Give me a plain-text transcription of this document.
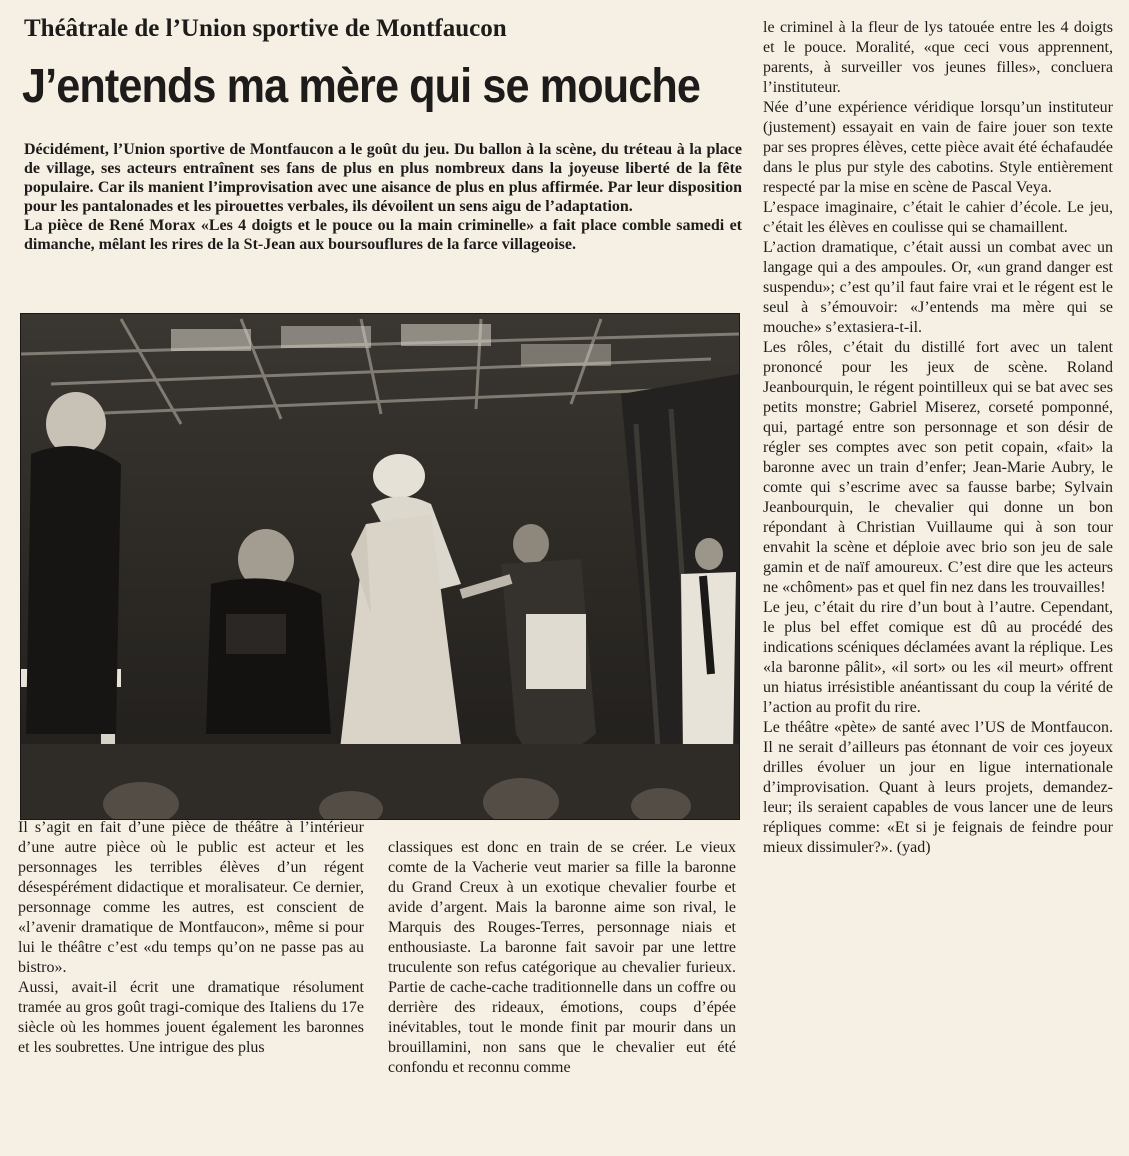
Théâtrale de l’Union sportive de Montfaucon
J’entends ma mère qui se mouche

Décidément, l’Union sportive de Montfaucon a le goût du jeu. Du ballon à la scène, du tréteau à la place de village, ses acteurs entraînent ses fans de plus en plus nombreux dans la joyeuse liberté de la fête populaire. Car ils manient l’improvisation avec une aisance de plus en plus affirmée. Par leur disposition pour les pantalonades et les pirouettes verbales, ils dévoilent un sens aigu de l’adaptation.

La pièce de René Morax «Les 4 doigts et le pouce ou la main criminelle» a fait place comble samedi et dimanche, mêlant les rires de la St-Jean aux boursouflures de la farce villageoise.

Il s’agit en fait d’une pièce de théâtre à l’intérieur d’une autre pièce où le public est acteur et les personnages les terribles élèves d’un régent désespérément didactique et moralisateur. Ce dernier, personnage comme les autres, est conscient de «l’avenir dramatique de Montfaucon», même si pour lui le théâtre c’est «du temps qu’on ne passe pas au bistro».

Aussi, avait-il écrit une dramatique résolument tramée au gros goût tragi-comique des Italiens du 17e siècle où les hommes jouent également les baronnes et les soubrettes. Une intrigue des plus

classiques est donc en train de se créer. Le vieux comte de la Vacherie veut marier sa fille la baronne du Grand Creux à un exotique chevalier fourbe et avide d’argent. Mais la baronne aime son rival, le Marquis des Rouges-Terres, personnage niais et enthousiaste. La baronne fait savoir par une lettre truculente son refus catégorique au chevalier furieux. Partie de cache-cache traditionnelle dans un coffre ou derrière des rideaux, émotions, coups d’épée inévitables, tout le monde finit par mourir dans un brouillamini, non sans que le chevalier eut été confondu et reconnu comme

le criminel à la fleur de lys tatouée entre les 4 doigts et le pouce. Moralité, «que ceci vous apprennent, parents, à surveiller vos jeunes filles», concluera l’instituteur.

Née d’une expérience véridique lorsqu’un instituteur (justement) essayait en vain de faire jouer son texte par ses propres élèves, cette pièce avait été échafaudée dans le plus pur style des cabotins. Style entièrement respecté par la mise en scène de Pascal Veya.

L’espace imaginaire, c’était le cahier d’école. Le jeu, c’était les élèves en coulisse qui se chamaillent.

L’action dramatique, c’était aussi un combat avec un langage qui a des ampoules. Or, «un grand danger est suspendu»; c’est qu’il faut faire vrai et le régent est le seul à s’émouvoir: «J’entends ma mère qui se mouche» s’extasiera-t-il.

Les rôles, c’était du distillé fort avec un talent prononcé pour les jeux de scène. Roland Jeanbourquin, le régent pointilleux qui se bat avec ses petits monstre; Gabriel Miserez, corseté pomponné, qui, partagé entre son personnage et son désir de régler ses comptes avec son petit copain, «fait» la baronne avec un train d’enfer; Jean-Marie Aubry, le comte qui s’escrime avec sa fausse barbe; Sylvain Jeanbourquin, le chevalier qui donne un bon répondant à Christian Vuillaume qui à son tour envahit la scène et déploie avec brio son jeu de sale gamin et de naïf amoureux. C’est dire que les acteurs ne «chôment» pas et quel fin nez dans les trouvailles!

Le jeu, c’était du rire d’un bout à l’autre. Cependant, le plus bel effet comique est dû au procédé des indications scéniques déclamées avant la réplique. Les «la baronne pâlit», «il sort» ou les «il meurt» offrent un hiatus irrésistible anéantissant du coup la vérité de l’action au profit du rire.

Le théâtre «pète» de santé avec l’US de Montfaucon. Il ne serait d’ailleurs pas étonnant de voir ces joyeux drilles évoluer un jour en ligue internationale d’improvisation. Quant à leurs projets, demandez-leur; ils seraient capables de vous lancer une de leurs répliques comme: «Et si je feignais de feindre pour mieux dissimuler?». (yad)
